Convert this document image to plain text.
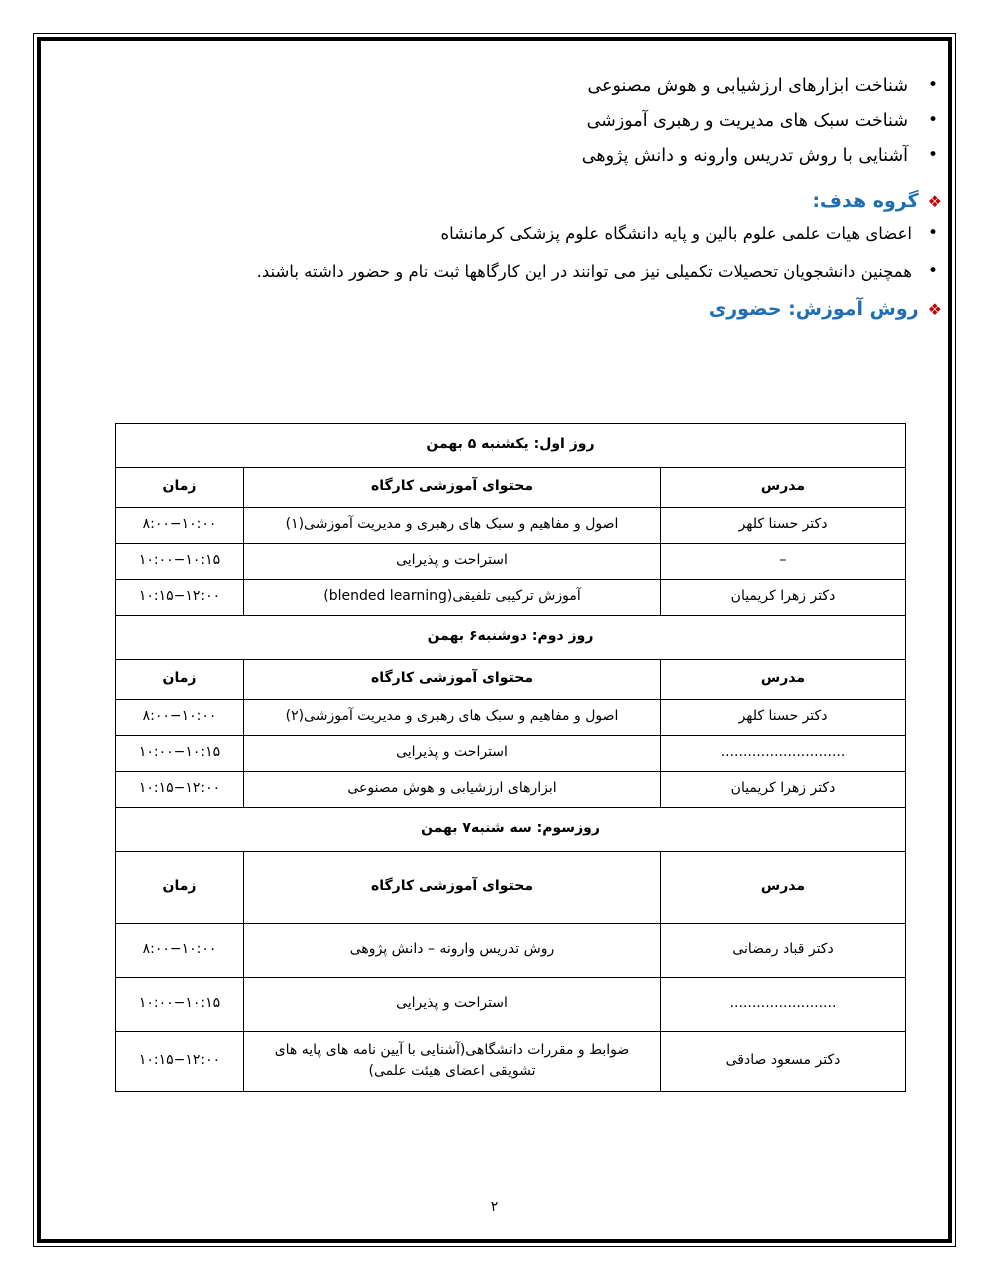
• شناخت ابزارهای ارزشیابی و هوش مصنوعی
• شناخت سبک های مدیریت و رهبری آموزشی
• آشنایی با روش تدریس وارونه و دانش پژوهی
❖
گروه هدف:
• اعضای هیات علمی علوم بالین و پایه دانشگاه علوم پزشکی کرمانشاه
• همچنین دانشجویان تحصیلات تکمیلی نیز می توانند در این کارگاهها ثبت نام و حضور داشته باشند.
❖
روش آموزش: حضوری
روز اول: یکشنبه ۵ بهمن		
مدرس	محتوای آموزشی کارگاه	زمان
دکتر حسنا کلهر	اصول و مفاهیم و سبک های رهبری و مدیریت آموزشی(۱)	۸:۰۰−۱۰:۰۰
–	استراحت و پذیرایی	۱۰:۰۰−۱۰:۱۵
دکتر زهرا کریمیان	آموزش ترکیبی تلفیقی(blended learning)	۱۰:۱۵−۱۲:۰۰
روز دوم: دوشنبه۶ بهمن		
مدرس	محتوای آموزشی کارگاه	زمان
دکتر حسنا کلهر	اصول و مفاهیم و سبک های رهبری و مدیریت آموزشی(۲)	۸:۰۰−۱۰:۰۰
............................	استراحت و پذیرایی	۱۰:۰۰−۱۰:۱۵
دکتر زهرا کریمیان	ابزارهای ارزشیابی و هوش مصنوعی	۱۰:۱۵−۱۲:۰۰
روزسوم: سه شنبه۷ بهمن		
مدرس	محتوای آموزشی کارگاه	زمان
دکتر قباد رمضانی	روش تدریس وارونه – دانش پژوهی	۸:۰۰−۱۰:۰۰
........................	استراحت و پذیرایی	۱۰:۰۰−۱۰:۱۵
دکتر مسعود صادقی	ضوابط و مقررات دانشگاهی(آشنایی با آیین نامه های پایه های تشویقی اعضای هیئت علمی)	۱۰:۱۵−۱۲:۰۰
۲
